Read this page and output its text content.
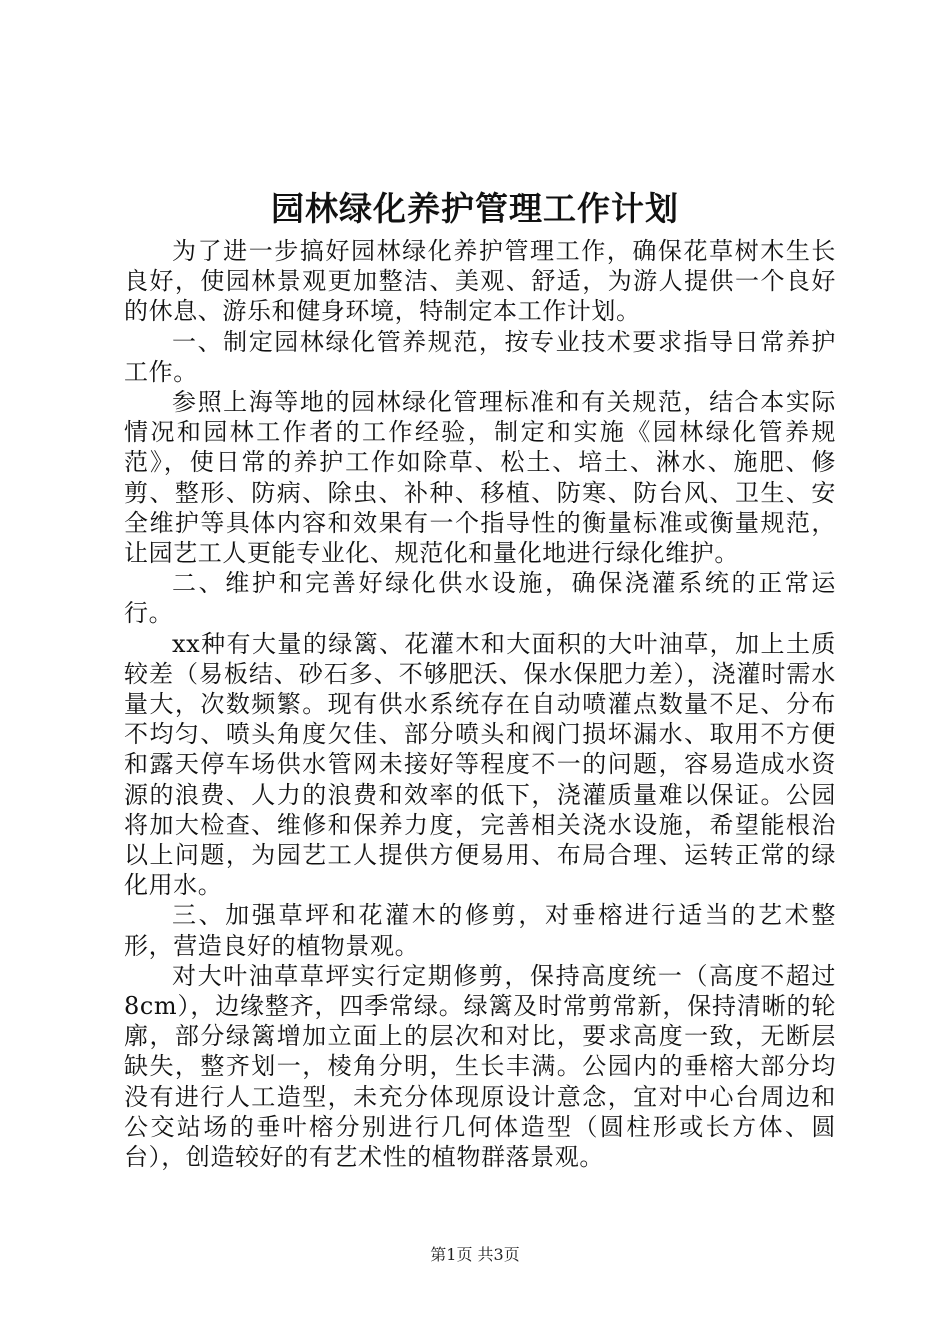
园林绿化养护管理工作计划

为了进一步搞好园林绿化养护管理工作，确保花草树木生长良好，使园林景观更加整洁、美观、舒适，为游人提供一个良好的休息、游乐和健身环境，特制定本工作计划。

一、制定园林绿化管养规范，按专业技术要求指导日常养护工作。

参照上海等地的园林绿化管理标准和有关规范，结合本实际情况和园林工作者的工作经验，制定和实施《园林绿化管养规范》，使日常的养护工作如除草、松土、培土、淋水、施肥、修剪、整形、防病、除虫、补种、移植、防寒、防台风、卫生、安全维护等具体内容和效果有一个指导性的衡量标准或衡量规范，让园艺工人更能专业化、规范化和量化地进行绿化维护。

二、维护和完善好绿化供水设施，确保浇灌系统的正常运行。

xx种有大量的绿篱、花灌木和大面积的大叶油草，加上土质较差（易板结、砂石多、不够肥沃、保水保肥力差），浇灌时需水量大，次数频繁。现有供水系统存在自动喷灌点数量不足、分布不均匀、喷头角度欠佳、部分喷头和阀门损坏漏水、取用不方便和露天停车场供水管网未接好等程度不一的问题，容易造成水资源的浪费、人力的浪费和效率的低下，浇灌质量难以保证。公园将加大检查、维修和保养力度，完善相关浇水设施，希望能根治以上问题，为园艺工人提供方便易用、布局合理、运转正常的绿化用水。

三、加强草坪和花灌木的修剪，对垂榕进行适当的艺术整形，营造良好的植物景观。

对大叶油草草坪实行定期修剪，保持高度统一（高度不超过8cm），边缘整齐，四季常绿。绿篱及时常剪常新，保持清晰的轮廓，部分绿篱增加立面上的层次和对比，要求高度一致，无断层缺失，整齐划一，棱角分明，生长丰满。公园内的垂榕大部分均没有进行人工造型，未充分体现原设计意念，宜对中心台周边和公交站场的垂叶榕分别进行几何体造型（圆柱形或长方体、圆台），创造较好的有艺术性的植物群落景观。

第1页 共3页
